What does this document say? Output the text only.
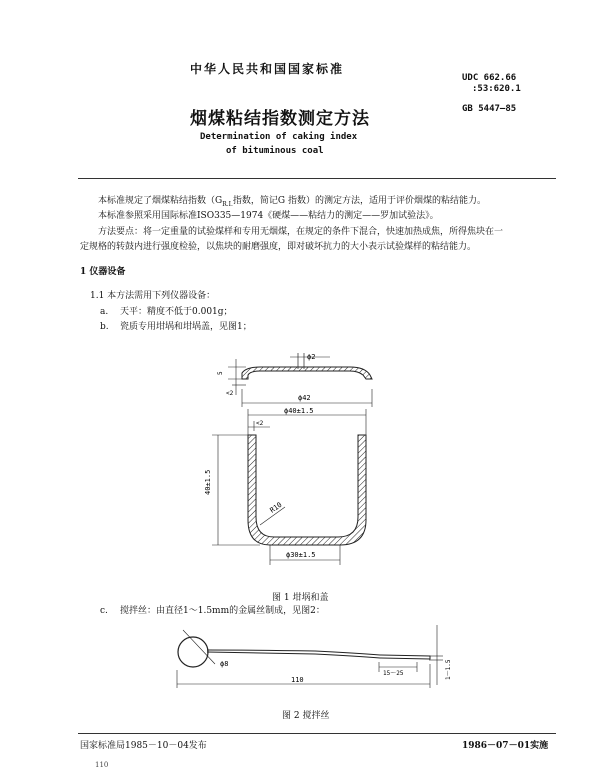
中华人民共和国国家标准
UDC 662.66
:53:620.1
GB 5447—85
烟煤粘结指数测定方法
Determination of caking index
of bituminous coal
本标准规定了烟煤粘结指数（$G_{R.I.}$指数，简记G 指数）的测定方法，适用于评价烟煤的粘结能力。
本标准参照采用国际标准ISO335—1974《硬煤——粘结力的测定——罗加试验法》。
方法要点：将一定重量的试验煤样和专用无烟煤，在规定的条件下混合，快速加热成焦，所得焦块在一
定规格的转鼓内进行强度检验，以焦块的耐磨强度，即对破坏抗力的大小表示试验煤样的粘结能力。
1 仪器设备
1.1 本方法需用下列仪器设备：
a. 天平：精度不低于0.001g；
b. 瓷质专用坩埚和坩埚盖，见图1；
ϕ2
5
<2
ϕ42
ϕ40±1.5
<2
40±1.5
R10
ϕ30±1.5
图 1 坩埚和盖
c. 搅拌丝：由直径1～1.5mm的金属丝制成，见图2：
ϕ8
110
15～25	1～1.5
图 2 搅拌丝
国家标准局1985－10－04发布	1986－07－01实施
110
